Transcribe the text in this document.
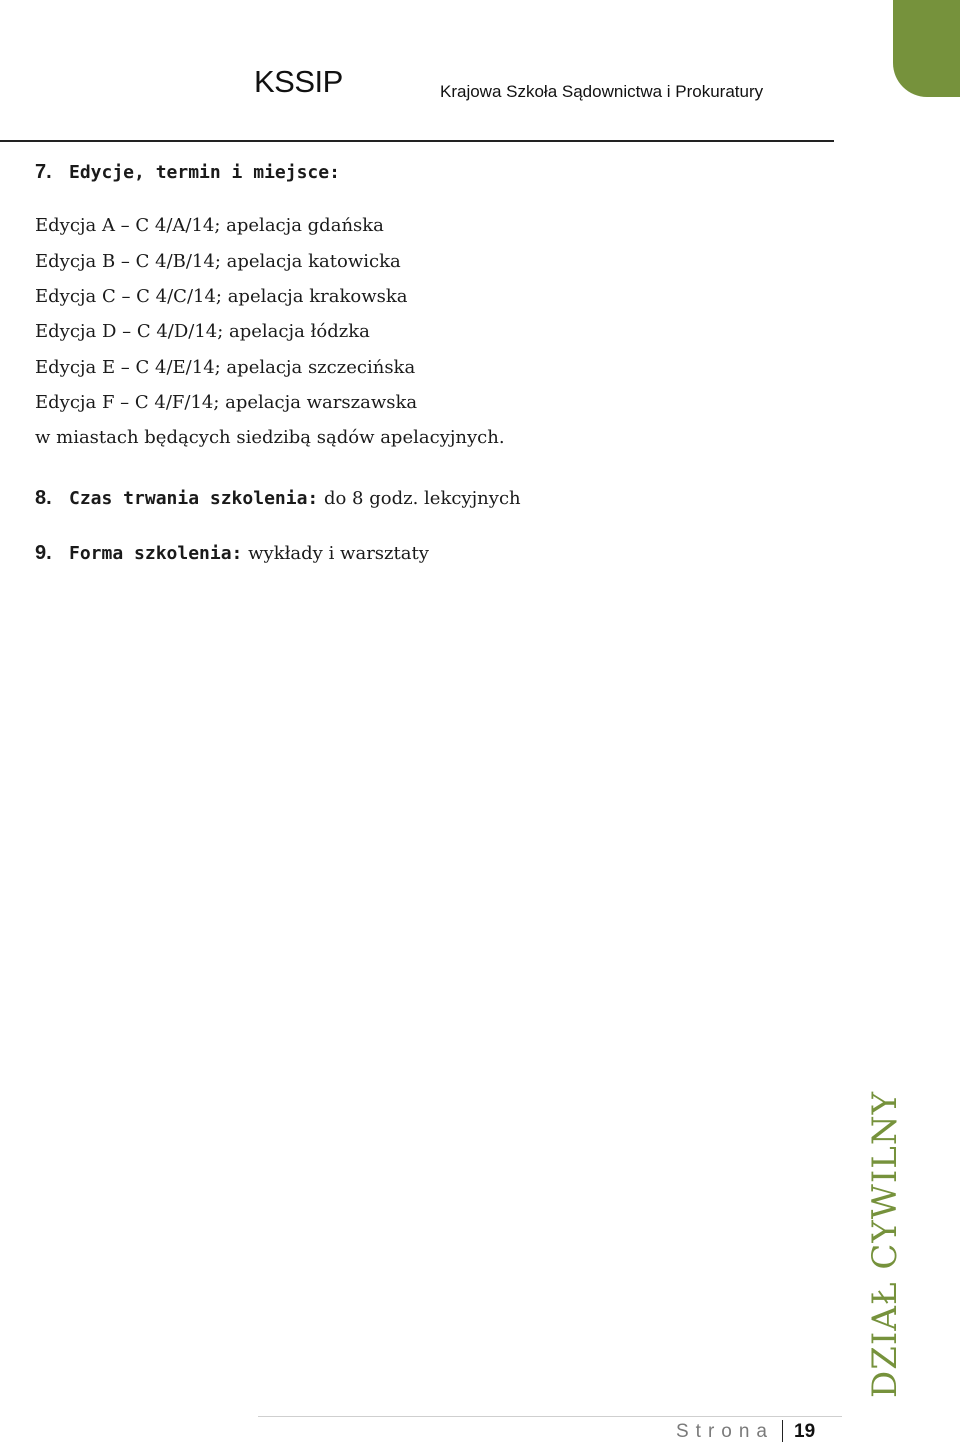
KSSIP	Krajowa Szkoła Sądownictwa i Prokuratury
7. Edycje, termin i miejsce:
Edycja A – C 4/A/14; apelacja gdańska
Edycja B – C 4/B/14; apelacja katowicka
Edycja C – C 4/C/14; apelacja krakowska
Edycja D – C 4/D/14; apelacja łódzka
Edycja E – C 4/E/14; apelacja szczecińska
Edycja F – C 4/F/14; apelacja warszawska
w miastach będących siedzibą sądów apelacyjnych.
8. Czas trwania szkolenia: do 8 godz. lekcyjnych
9. Forma szkolenia: wykłady i warsztaty
DZIAŁ CYWILNY
Strona 19
